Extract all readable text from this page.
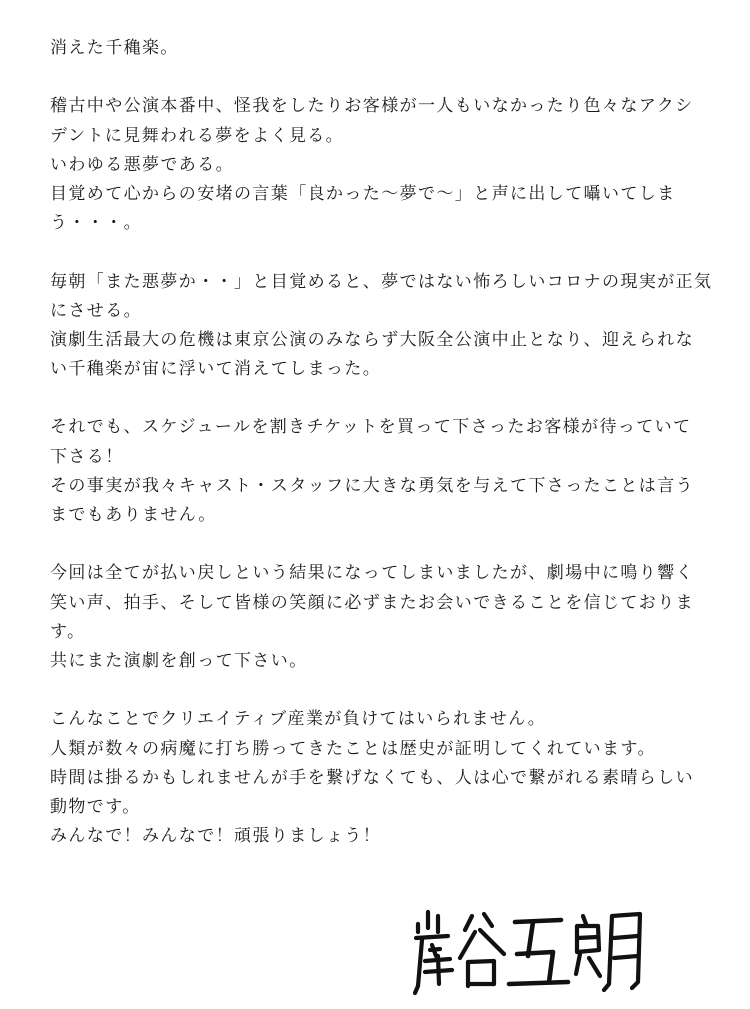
消えた千穐楽。
稽古中や公演本番中、怪我をしたりお客様が一人もいなかったり色々なアクシ
デントに見舞われる夢をよく見る。
いわゆる悪夢である。
目覚めて心からの安堵の言葉「良かった〜夢で〜」と声に出して囁いてしま
う・・・。
毎朝「また悪夢か・・」と目覚めると、夢ではない怖ろしいコロナの現実が正気
にさせる。
演劇生活最大の危機は東京公演のみならず大阪全公演中止となり、迎えられな
い千穐楽が宙に浮いて消えてしまった。
それでも、スケジュールを割きチケットを買って下さったお客様が待っていて
下さる！
その事実が我々キャスト・スタッフに大きな勇気を与えて下さったことは言う
までもありません。
今回は全てが払い戻しという結果になってしまいましたが、劇場中に鳴り響く
笑い声、拍手、そして皆様の笑顔に必ずまたお会いできることを信じておりま
す。
共にまた演劇を創って下さい。
こんなことでクリエイティブ産業が負けてはいられません。
人類が数々の病魔に打ち勝ってきたことは歴史が証明してくれています。
時間は掛るかもしれませんが手を繋げなくても、人は心で繋がれる素晴らしい
動物です。
みんなで！みんなで！頑張りましょう！
